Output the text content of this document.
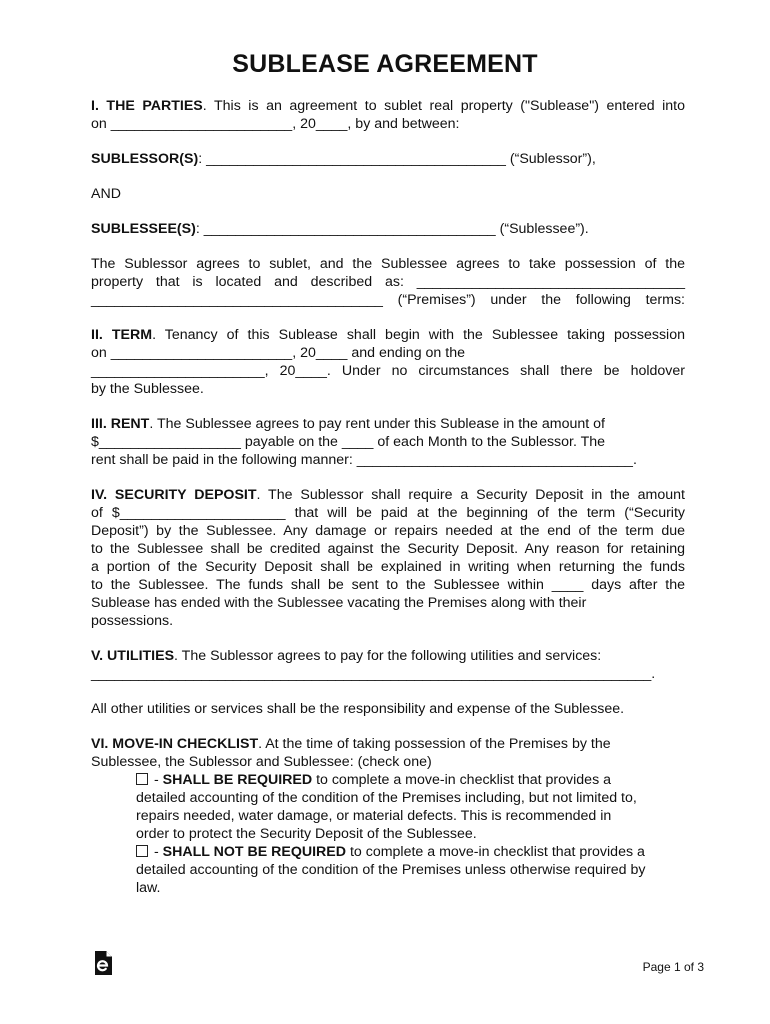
SUBLEASE AGREEMENT
I. THE PARTIES. This is an agreement to sublet real property ("Sublease") entered into
on _______________________, 20____, by and between:
SUBLESSOR(S): ______________________________________ (“Sublessor”),
AND
SUBLESSEE(S): _____________________________________ (“Sublessee”).
The Sublessor agrees to sublet, and the Sublessee agrees to take possession of the
property that is located and described as: __________________________________
_____________________________________ (“Premises”) under the following terms:
II. TERM. Tenancy of this Sublease shall begin with the Sublessee taking possession
on _______________________, 20____ and ending on the
______________________, 20____. Under no circumstances shall there be holdover
by the Sublessee.
III. RENT. The Sublessee agrees to pay rent under this Sublease in the amount of
$__________________ payable on the ____ of each Month to the Sublessor. The
rent shall be paid in the following manner: ___________________________________.
IV. SECURITY DEPOSIT. The Sublessor shall require a Security Deposit in the amount
of $_____________________ that will be paid at the beginning of the term (“Security
Deposit”) by the Sublessee. Any damage or repairs needed at the end of the term due
to the Sublessee shall be credited against the Security Deposit. Any reason for retaining
a portion of the Security Deposit shall be explained in writing when returning the funds
to the Sublessee. The funds shall be sent to the Sublessee within ____ days after the
Sublease has ended with the Sublessee vacating the Premises along with their
possessions.
V. UTILITIES. The Sublessor agrees to pay for the following utilities and services:
_______________________________________________________________________.
All other utilities or services shall be the responsibility and expense of the Sublessee.
VI. MOVE-IN CHECKLIST. At the time of taking possession of the Premises by the
Sublessee, the Sublessor and Sublessee: (check one)
- SHALL BE REQUIRED to complete a move-in checklist that provides a
detailed accounting of the condition of the Premises including, but not limited to,
repairs needed, water damage, or material defects. This is recommended in
order to protect the Security Deposit of the Sublessee.
- SHALL NOT BE REQUIRED to complete a move-in checklist that provides a
detailed accounting of the condition of the Premises unless otherwise required by
law.
Page 1 of 3
